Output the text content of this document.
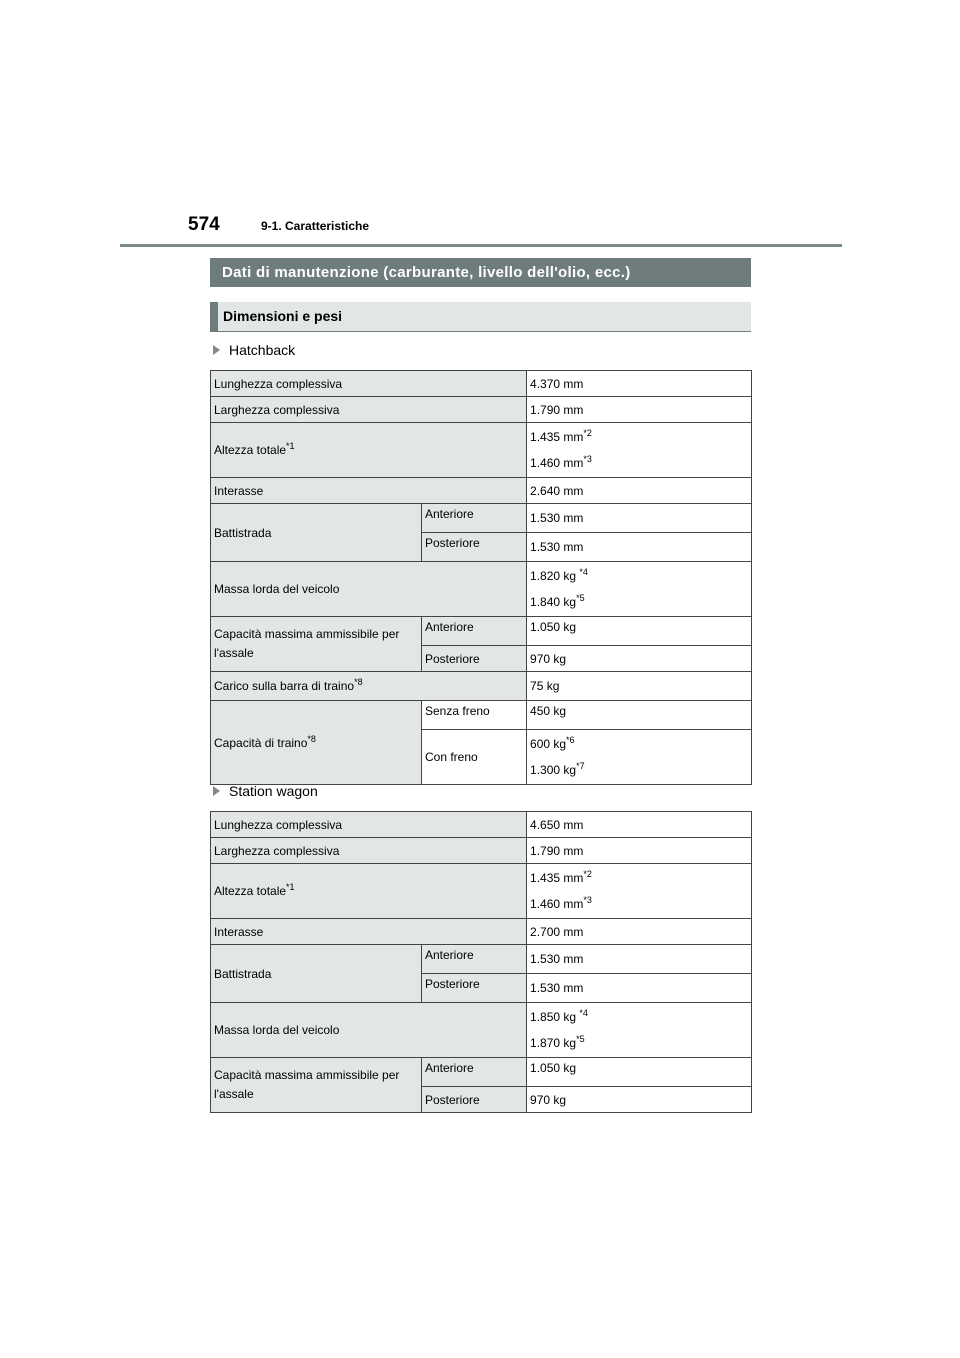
574	9-1. Caratteristiche
Dati di manutenzione (carburante, livello dell'olio, ecc.)
Dimensioni e pesi
Hatchback
Lunghezza complessiva		4.370 mm
Larghezza complessiva		1.790 mm
Altezza totale$^{*1}$		1.435 $mm^{*2}$
1.460 $mm^{*3}$

Interasse		2.640 mm
Battistrada	Anteriore	1.530 mm
	Posteriore	1.530 mm
Massa lorda del veicolo		1.820 kg $^{*4}$
1.840 $kg^{*5}$

Capacità massima ammissibile per
l'assale	Anteriore	1.050 kg
	Posteriore	970 kg
Carico sulla barra di traino$^{*8}$		75 kg
Capacità di traino$^{*8}$	Senza freno	450 kg
	Con freno	600 $kg^{*6}$
1.300 $kg^{*7}$
Station wagon
Lunghezza complessiva		4.650 mm
Larghezza complessiva		1.790 mm
Altezza totale$^{*1}$		1.435 $mm^{*2}$
1.460 $mm^{*3}$

Interasse		2.700 mm
Battistrada	Anteriore	1.530 mm
	Posteriore	1.530 mm
Massa lorda del veicolo		1.850 kg $^{*4}$
1.870 $kg^{*5}$

Capacità massima ammissibile per
l'assale	Anteriore	1.050 kg
	Posteriore	970 kg
